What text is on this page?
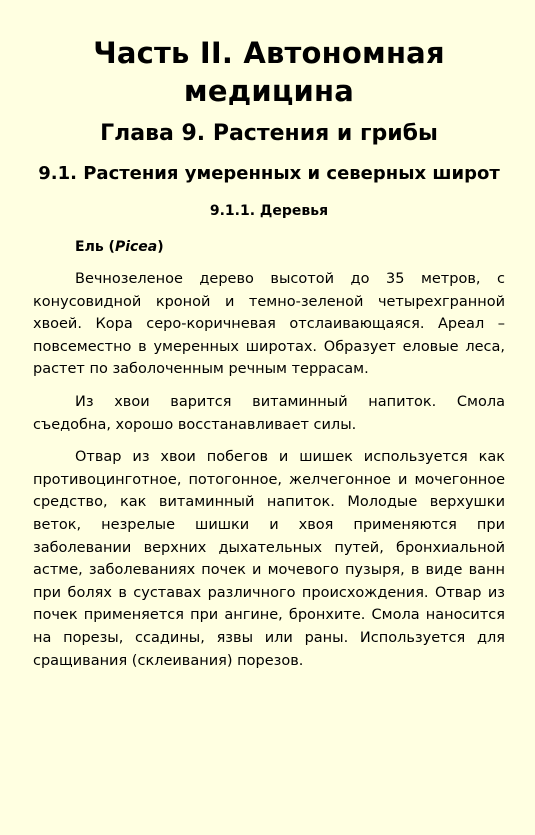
Часть II. Автономная медицина
Глава 9. Растения и грибы
9.1. Растения умеренных и северных широт
9.1.1. Деревья
Ель (Picea)

Вечнозеленое дерево высотой до 35 метров, с конусовидной кроной и темно-зеленой четырехгранной хвоей. Кора серо-коричневая отслаивающаяся. Ареал – повсеместно в умеренных широтах. Образует еловые леса, растет по заболоченным речным террасам.

Из хвои варится витаминный напиток. Смола съедобна, хорошо восстанавливает силы.

Отвар из хвои побегов и шишек используется как противоцинготное, потогонное, желчегонное и мочегонное средство, как витаминный напиток. Молодые верхушки веток, незрелые шишки и хвоя применяются при заболевании верхних дыхательных путей, бронхиальной астме, заболеваниях почек и мочевого пузыря, в виде ванн при болях в суставах различного происхождения. Отвар из почек применяется при ангине, бронхите. Смола наносится на порезы, ссадины, язвы или раны. Используется для сращивания (склеивания) порезов.
